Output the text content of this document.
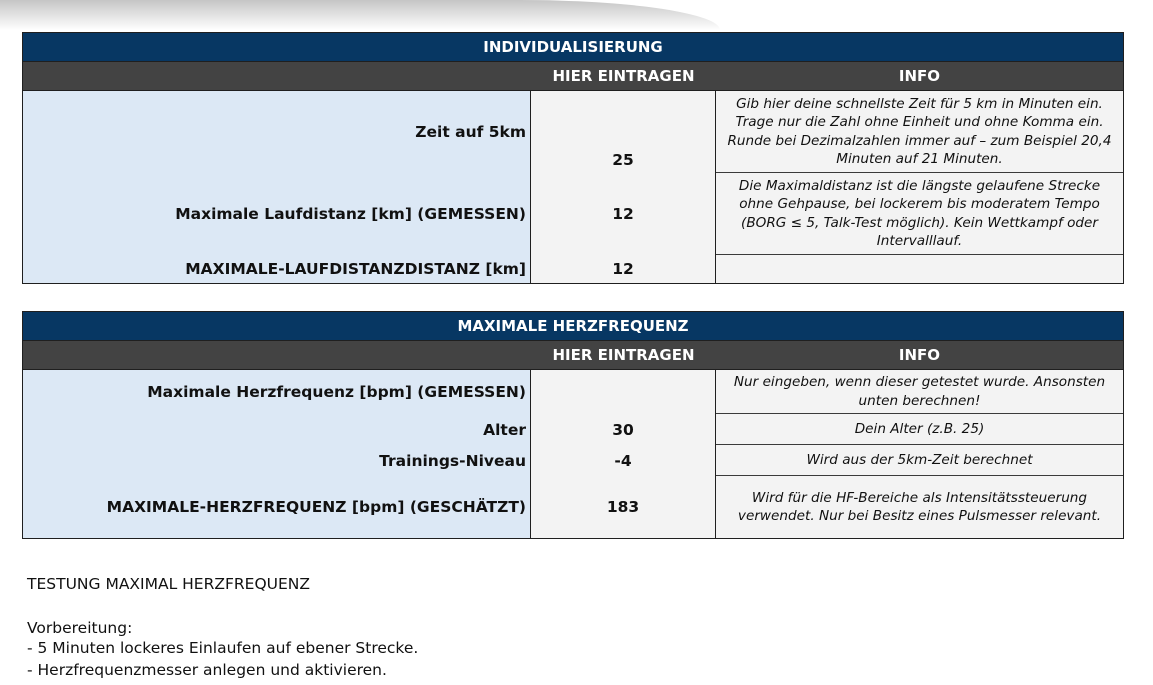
INDIVIDUALISIERUNG
HIER EINTRAGEN	INFO
Zeit auf 5km
Maximale Laufdistanz [km] (GEMESSEN)
MAXIMALE-LAUFDISTANZDISTANZ [km]
25
12
12
Gib hier deine schnellste Zeit für 5 km in Minuten ein. Trage nur die Zahl ohne Einheit und ohne Komma ein. Runde bei Dezimalzahlen immer auf – zum Beispiel 20,4 Minuten auf 21 Minuten.
Die Maximaldistanz ist die längste gelaufene Strecke ohne Gehpause, bei lockerem bis moderatem Tempo (BORG ≤ 5, Talk-Test möglich). Kein Wettkampf oder Intervalllauf.
MAXIMALE HERZFREQUENZ
HIER EINTRAGEN	INFO
Maximale Herzfrequenz [bpm] (GEMESSEN)
Alter
Trainings-Niveau
MAXIMALE-HERZFREQUENZ [bpm] (GESCHÄTZT)
30
-4
183
Nur eingeben, wenn dieser getestet wurde. Ansonsten unten berechnen!
Dein Alter (z.B. 25)
Wird aus der 5km-Zeit berechnet
Wird für die HF-Bereiche als Intensitätssteuerung verwendet. Nur bei Besitz eines Pulsmesser relevant.
TESTUNG MAXIMAL HERZFREQUENZ
Vorbereitung:
- 5 Minuten lockeres Einlaufen auf ebener Strecke.
- Herzfrequenzmesser anlegen und aktivieren.
